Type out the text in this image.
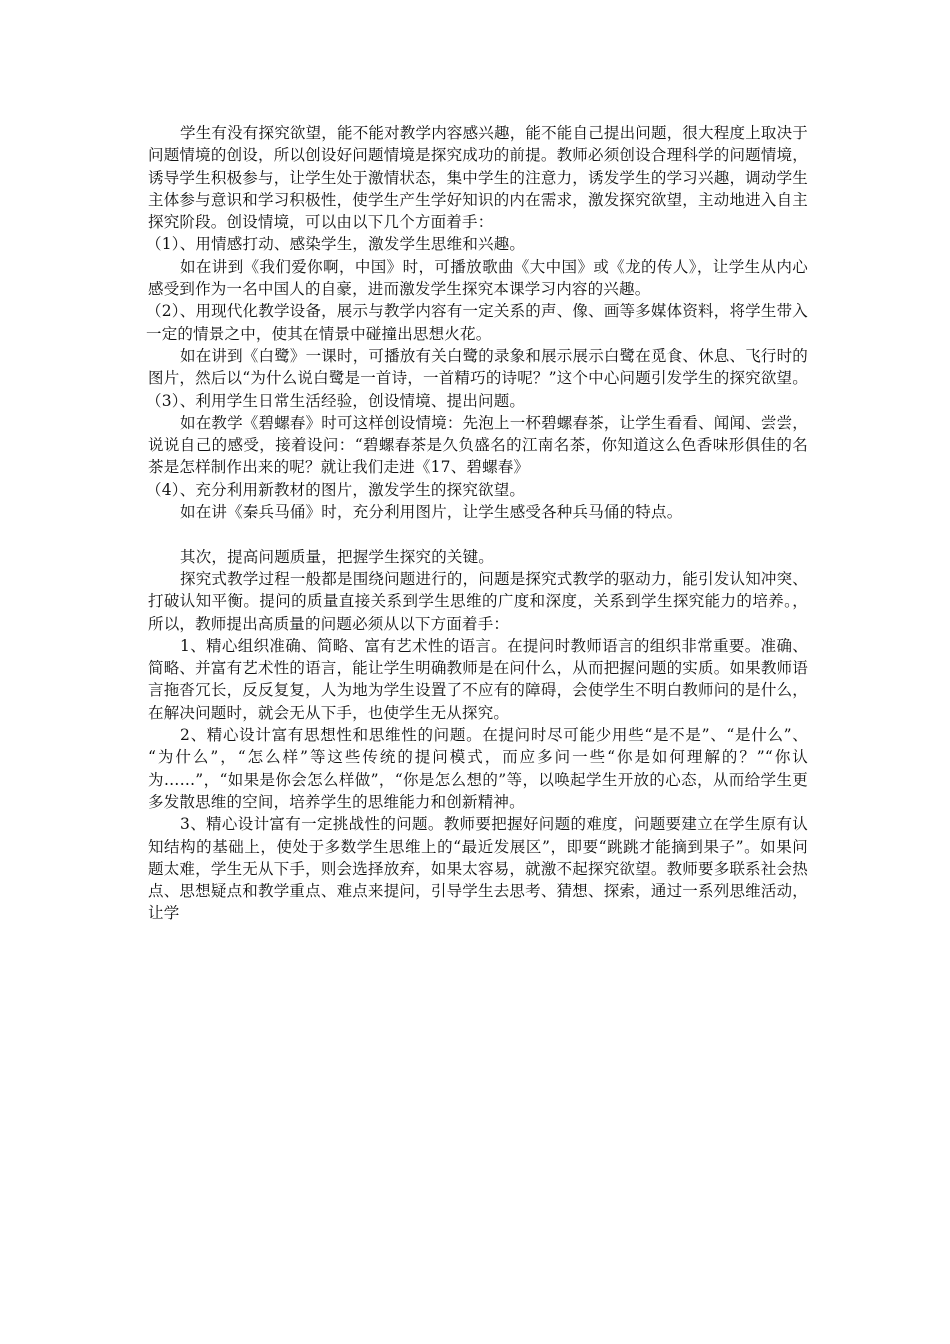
学生有没有探究欲望，能不能对教学内容感兴趣，能不能自己提出问题，很大程度上取决于问题情境的创设，所以创设好问题情境是探究成功的前提。教师必须创设合理科学的问题情境，诱导学生积极参与，让学生处于激情状态，集中学生的注意力，诱发学生的学习兴趣，调动学生主体参与意识和学习积极性，使学生产生学好知识的内在需求，激发探究欲望，主动地进入自主探究阶段。创设情境，可以由以下几个方面着手：

（1）、用情感打动、感染学生，激发学生思维和兴趣。

如在讲到《我们爱你啊，中国》时，可播放歌曲《大中国》或《龙的传人》，让学生从内心感受到作为一名中国人的自豪，进而激发学生探究本课学习内容的兴趣。

（2）、用现代化教学设备，展示与教学内容有一定关系的声、像、画等多媒体资料，将学生带入一定的情景之中，使其在情景中碰撞出思想火花。

如在讲到《白鹭》一课时，可播放有关白鹭的录象和展示展示白鹭在觅食、休息、飞行时的图片，然后以“为什么说白鹭是一首诗，一首精巧的诗呢？”这个中心问题引发学生的探究欲望。

（3）、利用学生日常生活经验，创设情境、提出问题。

如在教学《碧螺春》时可这样创设情境：先泡上一杯碧螺春茶，让学生看看、闻闻、尝尝，说说自己的感受，接着设问：“碧螺春茶是久负盛名的江南名茶，你知道这么色香味形俱佳的名茶是怎样制作出来的呢？就让我们走进《17、碧螺春》

（4）、充分利用新教材的图片，激发学生的探究欲望。

如在讲《秦兵马俑》时，充分利用图片，让学生感受各种兵马俑的特点。

其次，提高问题质量，把握学生探究的关键。

探究式教学过程一般都是围绕问题进行的，问题是探究式教学的驱动力，能引发认知冲突、打破认知平衡。提问的质量直接关系到学生思维的广度和深度，关系到学生探究能力的培养。，所以，教师提出高质量的问题必须从以下方面着手：

1、精心组织准确、简略、富有艺术性的语言。在提问时教师语言的组织非常重要。准确、简略、并富有艺术性的语言，能让学生明确教师是在问什么，从而把握问题的实质。如果教师语言拖沓冗长，反反复复，人为地为学生设置了不应有的障碍，会使学生不明白教师问的是什么，在解决问题时，就会无从下手，也使学生无从探究。

2、精心设计富有思想性和思维性的问题。在提问时尽可能少用些“是不是”、“是什么”、 “为什么”，“怎么样”等这些传统的提问模式，而应多问一些“你是如何理解的？”“你认为……”，“如果是你会怎么样做”，“你是怎么想的”等，以唤起学生开放的心态，从而给学生更多发散思维的空间，培养学生的思维能力和创新精神。

3、精心设计富有一定挑战性的问题。教师要把握好问题的难度，问题要建立在学生原有认知结构的基础上，使处于多数学生思维上的“最近发展区”，即要“跳跳才能摘到果子”。如果问题太难，学生无从下手，则会选择放弃，如果太容易，就激不起探究欲望。教师要多联系社会热点、思想疑点和教学重点、难点来提问，引导学生去思考、猜想、探索，通过一系列思维活动，让学
